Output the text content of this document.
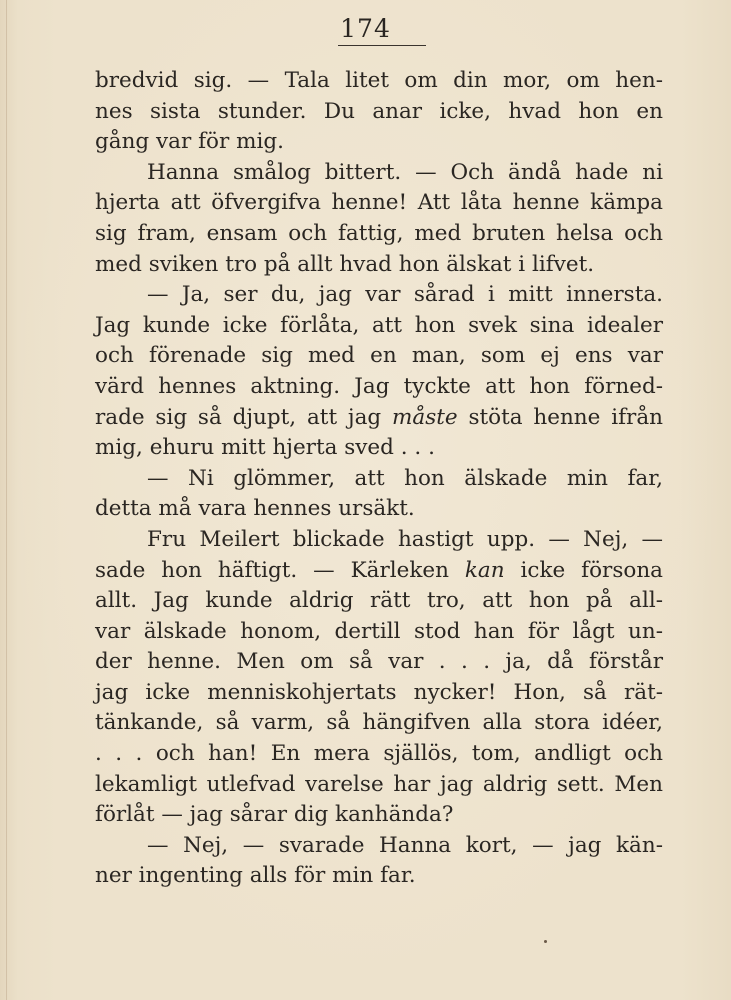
174
bredvid sig. — Tala litet om din mor, om hen-
nes sista stunder. Du anar icke, hvad hon en
gång var för mig.
Hanna smålog bittert. — Och ändå hade ni
hjerta att öfvergifva henne! Att låta henne kämpa
sig fram, ensam och fattig, med bruten helsa och
med sviken tro på allt hvad hon älskat i lifvet.
— Ja, ser du, jag var sårad i mitt innersta.
Jag kunde icke förlåta, att hon svek sina idealer
och förenade sig med en man, som ej ens var
värd hennes aktning. Jag tyckte att hon förned-
rade sig så djupt, att jag måste stöta henne ifrån
mig, ehuru mitt hjerta sved . . .
— Ni glömmer, att hon älskade min far,
detta må vara hennes ursäkt.
Fru Meilert blickade hastigt upp. — Nej, —
sade hon häftigt. — Kärleken kan icke försona
allt. Jag kunde aldrig rätt tro, att hon på all-
var älskade honom, dertill stod han för lågt un-
der henne. Men om så var . . . ja, då förstår
jag icke menniskohjertats nycker! Hon, så rät-
tänkande, så varm, så hängifven alla stora idéer,
. . . och han! En mera själlös, tom, andligt och
lekamligt utlefvad varelse har jag aldrig sett. Men
förlåt — jag sårar dig kanhända?
— Nej, — svarade Hanna kort, — jag kän-
ner ingenting alls för min far.
